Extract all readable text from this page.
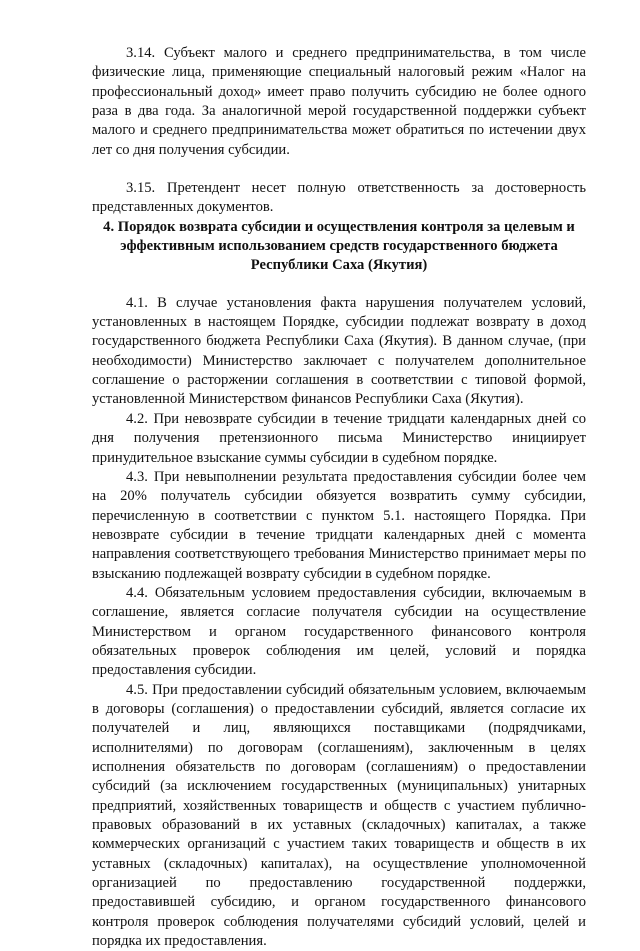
3.14. Субъект малого и среднего предпринимательства, в том числе физические лица, применяющие специальный налоговый режим «Налог на профессиональный доход» имеет право получить субсидию не более одного раза в два года. За аналогичной мерой государственной поддержки субъект малого и среднего предпринимательства может обратиться по истечении двух лет со дня получения субсидии.

3.15. Претендент несет полную ответственность за достоверность представленных документов.

4. Порядок возврата субсидии и осуществления контроля за целевым и эффективным использованием средств государственного бюджета Республики Саха (Якутия)

4.1. В случае установления факта нарушения получателем условий, установленных в настоящем Порядке, субсидии подлежат возврату в доход государственного бюджета Республики Саха (Якутия). В данном случае, (при необходимости) Министерство заключает с получателем дополнительное соглашение о расторжении соглашения в соответствии с типовой формой, установленной Министерством финансов Республики Саха (Якутия).

4.2. При невозврате субсидии в течение тридцати календарных дней со дня получения претензионного письма Министерство инициирует принудительное взыскание суммы субсидии в судебном порядке.

4.3. При невыполнении результата предоставления субсидии более чем на 20% получатель субсидии обязуется возвратить сумму субсидии, перечисленную в соответствии с пунктом 5.1. настоящего Порядка. При невозврате субсидии в течение тридцати календарных дней с момента направления соответствующего требования Министерство принимает меры по взысканию подлежащей возврату субсидии в судебном порядке.

4.4. Обязательным условием предоставления субсидии, включаемым в соглашение, является согласие получателя субсидии на осуществление Министерством и органом государственного финансового контроля обязательных проверок соблюдения им целей, условий и порядка предоставления субсидии.

4.5. При предоставлении субсидий обязательным условием, включаемым в договоры (соглашения) о предоставлении субсидий, является согласие их получателей и лиц, являющихся поставщиками (подрядчиками, исполнителями) по договорам (соглашениям), заключенным в целях исполнения обязательств по договорам (соглашениям) о предоставлении субсидий (за исключением государственных (муниципальных) унитарных предприятий, хозяйственных товариществ и обществ с участием публично-правовых образований в их уставных (складочных) капиталах, а также коммерческих организаций с участием таких товариществ и обществ в их уставных (складочных) капиталах), на осуществление уполномоченной организацией по предоставлению государственной поддержки, предоставившей субсидию, и органом государственного финансового контроля проверок соблюдения получателями субсидий условий, целей и порядка их предоставления.
